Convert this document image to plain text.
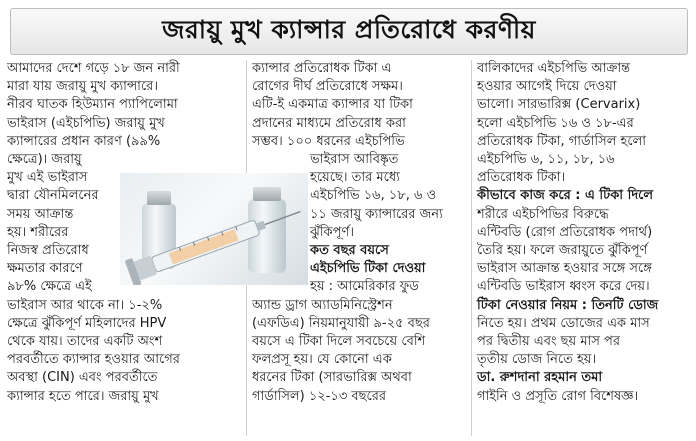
জরায়ু মুখ ক্যান্সার প্রতিরোধে করণীয়

আমাদের দেশে গড়ে ১৮ জন নারী

মারা যায় জরায়ু মুখ ক্যান্সারে।

নীরব ঘাতক হিউম্যান প্যাপিলোমা

ভাইরাস (এইচপিভি) জরায়ু মুখ

ক্যান্সারের প্রধান কারণ (৯৯%

ক্ষেত্রে)। জরায়ু

মুখ এই ভাইরাস

দ্বারা যৌনমিলনের

সময় আক্রান্ত

হয়। শরীরের

নিজস্ব প্রতিরোধ

ক্ষমতার কারণে

৯৮% ক্ষেত্রে এই

ভাইরাস আর থাকে না। ১-২%

ক্ষেত্রে ঝুঁকিপূর্ণ মহিলাদের HPV

থেকে যায়। তাদের একটি অংশ

পরবর্তীতে ক্যান্সার হওয়ার আগের

অবস্থা (CIN) এবং পরবর্তীতে

ক্যান্সার হতে পারে। জরায়ু মুখ

ক্যান্সার প্রতিরোধক টিকা এ

রোগের দীর্ঘ প্রতিরোধে সক্ষম।

এটি-ই একমাত্র ক্যান্সার যা টিকা

প্রদানের মাধ্যমে প্রতিরোধ করা

সম্ভব। ১০০ ধরনের এইচপিভি

ভাইরাস আবিষ্কৃত

হয়েছে। তার মধ্যে

এইচপিভি ১৬, ১৮, ৬ ও

১১ জরায়ু ক্যান্সারের জন্য

ঝুঁকিপূর্ণ।

কত বছর বয়সে

এইচপিভি টিকা দেওয়া

হয় : আমেরিকার ফুড

অ্যান্ড ড্রাগ অ্যাডমিনিস্ট্রেশন

(এফডিএ) নিয়মানুযায়ী ৯-২৫ বছর

বয়সে এ টিকা দিলে সবচেয়ে বেশি

ফলপ্রসূ হয়। যে কোনো এক

ধরনের টিকা (সারভারিক্স অথবা

গার্ডাসিল) ১২-১৩ বছরের

বালিকাদের এইচপিভি আক্রান্ত

হওয়ার আগেই দিয়ে দেওয়া

ভালো। সারভারিক্স (Cervarix)

হলো এইচপিভি ১৬ ও ১৮-এর

প্রতিরোধক টিকা, গার্ডাসিল হলো

এইচপিভি ৬, ১১, ১৮, ১৬

প্রতিরোধক টিকা।

কীভাবে কাজ করে : এ টিকা দিলে

শরীরে এইচপিভির বিরুদ্ধে

এন্টিবডি (রোগ প্রতিরোধক পদার্থ)

তৈরি হয়। ফলে জরায়ুতে ঝুঁকিপূর্ণ

ভাইরাস আক্রান্ত হওয়ার সঙ্গে সঙ্গে

এন্টিবডি ভাইরাস ধ্বংস করে দেয়।

টিকা নেওয়ার নিয়ম : তিনটি ডোজ

নিতে হয়। প্রথম ডোজের এক মাস

পর দ্বিতীয় এবং ছয় মাস পর

তৃতীয় ডোজ নিতে হয়।

ডা. রুশদানা রহমান তমা

গাইনি ও প্রসূতি রোগ বিশেষজ্ঞ।
